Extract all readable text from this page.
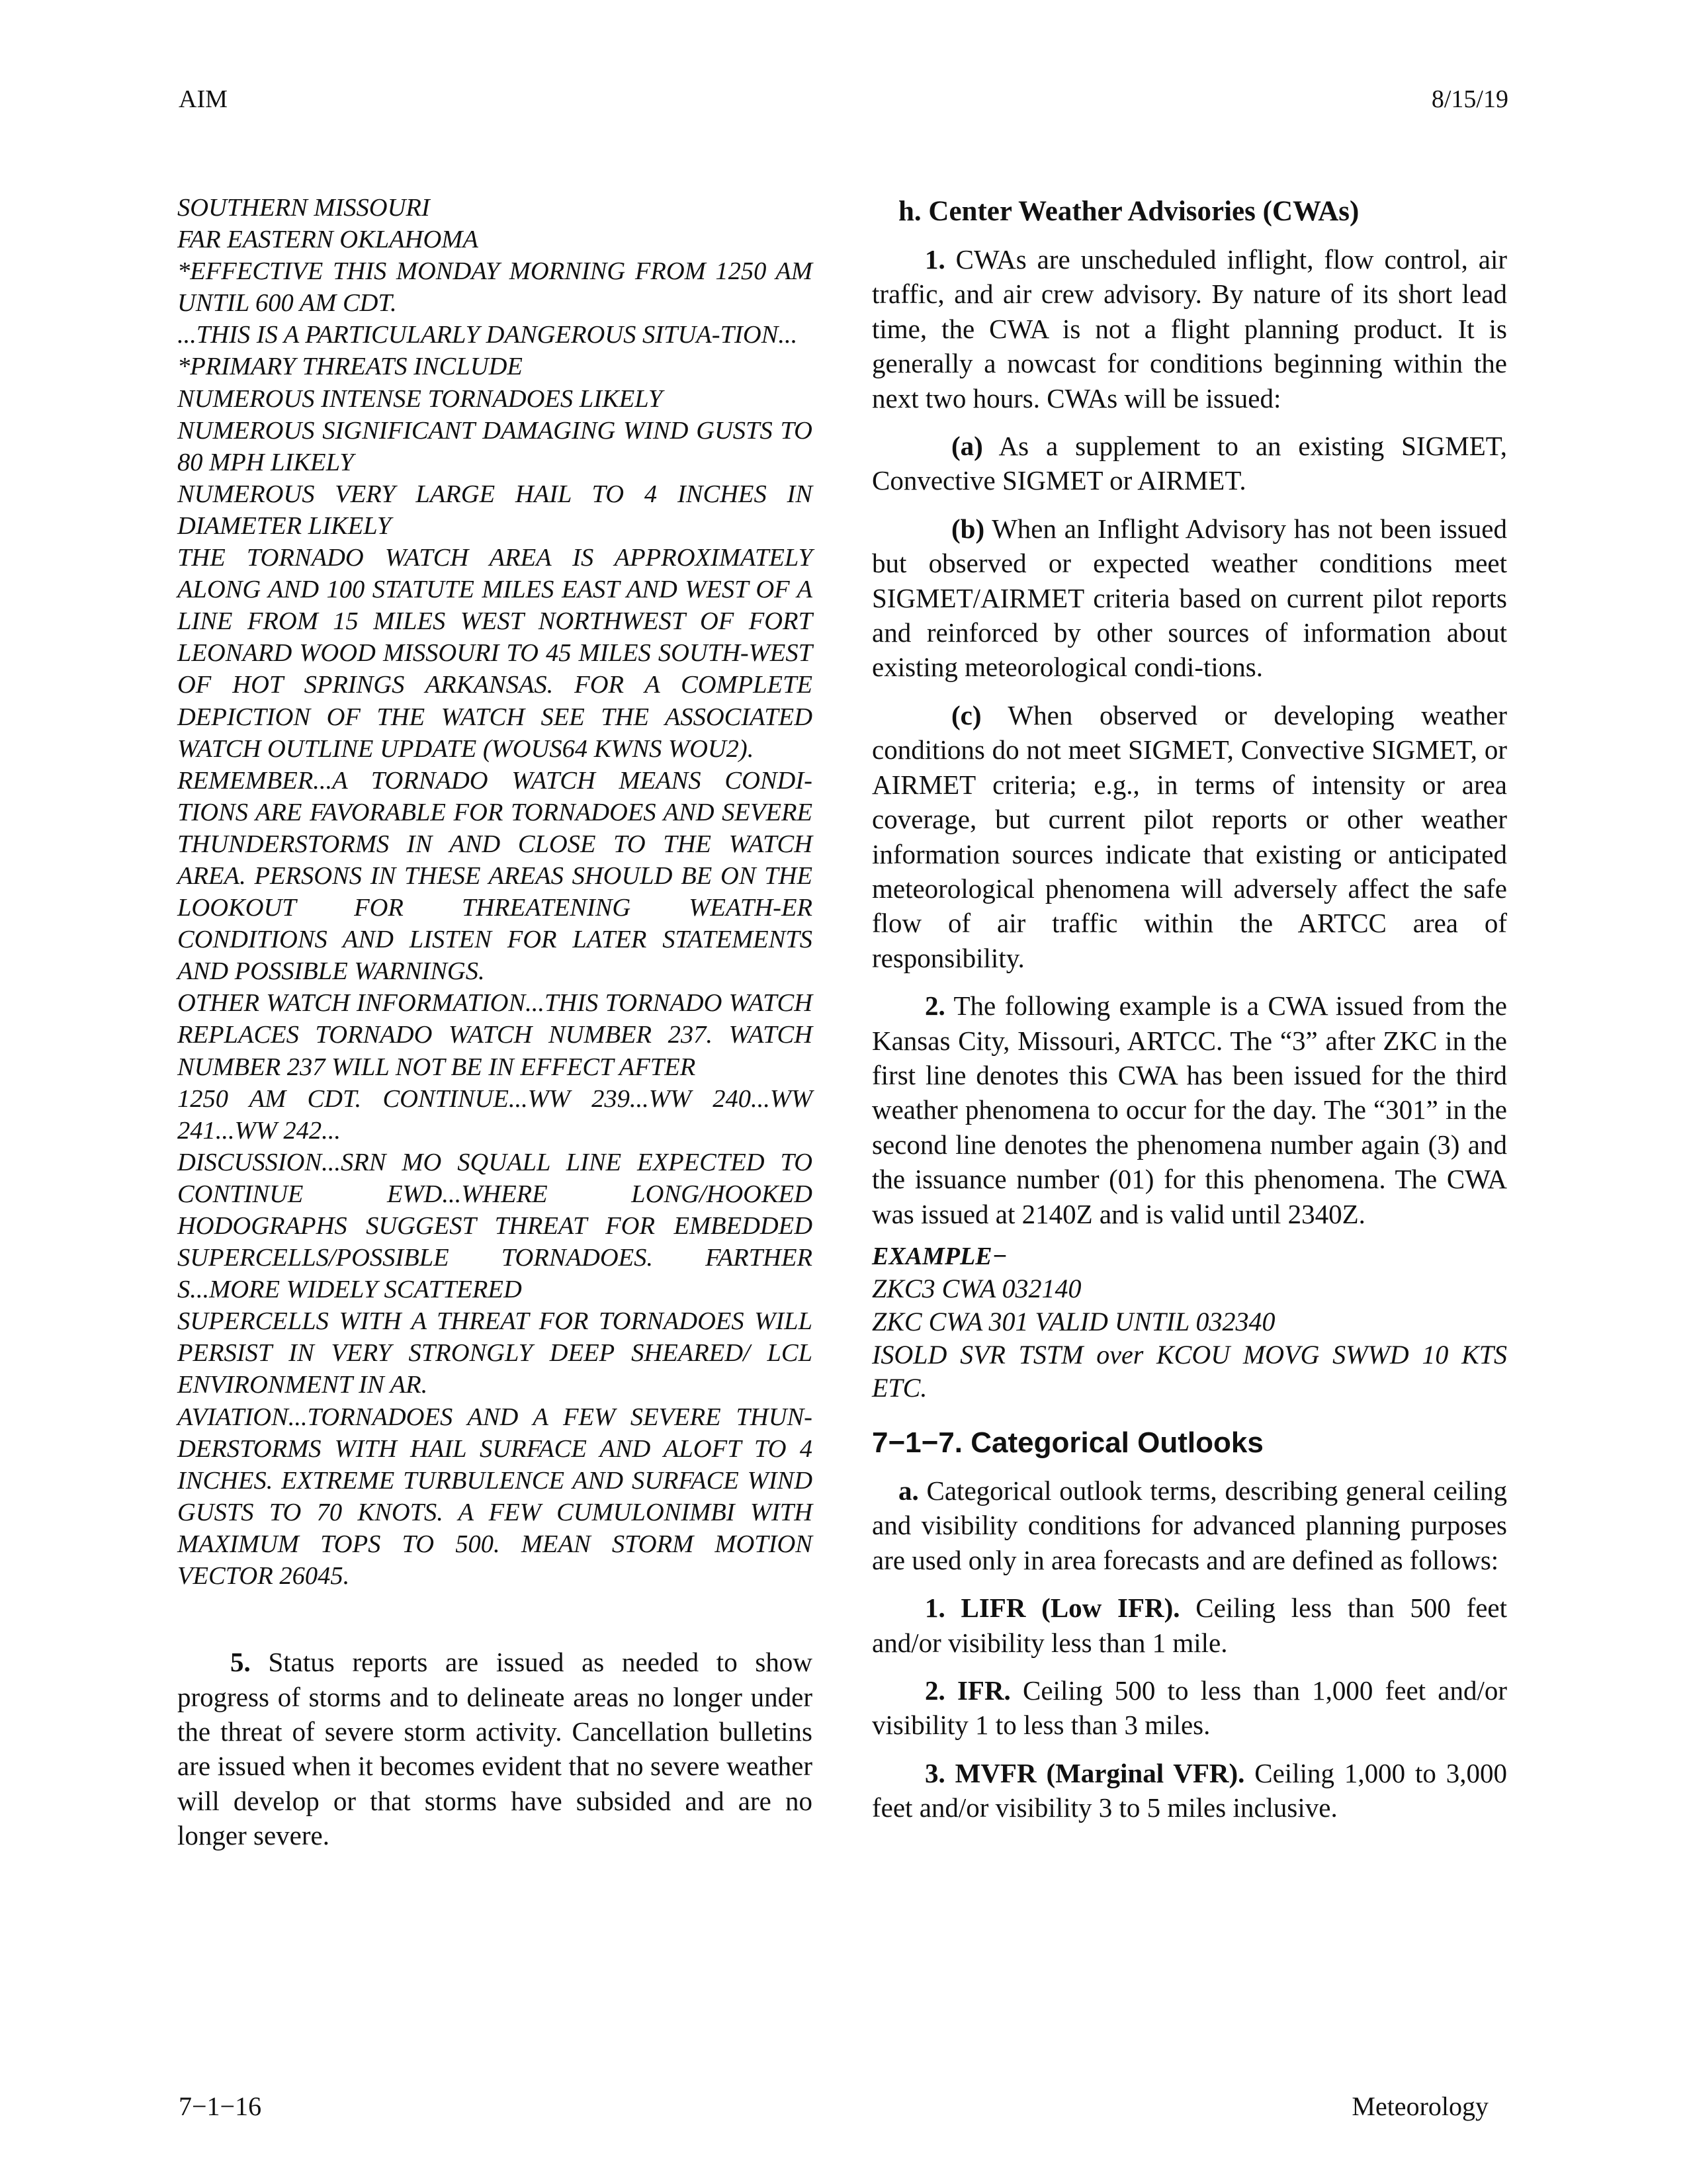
AIM	8/15/19

SOUTHERN MISSOURI

FAR EASTERN OKLAHOMA

*EFFECTIVE THIS MONDAY MORNING FROM 1250 AM UNTIL 600 AM CDT.

...THIS IS A PARTICULARLY DANGEROUS SITUA-TION...

*PRIMARY THREATS INCLUDE

NUMEROUS INTENSE TORNADOES LIKELY

NUMEROUS SIGNIFICANT DAMAGING WIND GUSTS TO 80 MPH LIKELY

NUMEROUS VERY LARGE HAIL TO 4 INCHES IN DIAMETER LIKELY

THE TORNADO WATCH AREA IS APPROXIMATELY ALONG AND 100 STATUTE MILES EAST AND WEST OF A LINE FROM 15 MILES WEST NORTHWEST OF FORT LEONARD WOOD MISSOURI TO 45 MILES SOUTH-WEST OF HOT SPRINGS ARKANSAS. FOR A COMPLETE DEPICTION OF THE WATCH SEE THE ASSOCIATED WATCH OUTLINE UPDATE (WOUS64 KWNS WOU2).

REMEMBER...A TORNADO WATCH MEANS CONDI-TIONS ARE FAVORABLE FOR TORNADOES AND SEVERE THUNDERSTORMS IN AND CLOSE TO THE WATCH AREA. PERSONS IN THESE AREAS SHOULD BE ON THE LOOKOUT FOR THREATENING WEATH-ER CONDITIONS AND LISTEN FOR LATER STATEMENTS AND POSSIBLE WARNINGS.

OTHER WATCH INFORMATION...THIS TORNADO WATCH REPLACES TORNADO WATCH NUMBER 237. WATCH NUMBER 237 WILL NOT BE IN EFFECT AFTER

1250 AM CDT. CONTINUE...WW 239...WW 240...WW 241...WW 242...

DISCUSSION...SRN MO SQUALL LINE EXPECTED TO CONTINUE EWD...WHERE LONG/HOOKED HODOGRAPHS SUGGEST THREAT FOR EMBEDDED SUPERCELLS/POSSIBLE TORNADOES. FARTHER S...MORE WIDELY SCATTERED

SUPERCELLS WITH A THREAT FOR TORNADOES WILL PERSIST IN VERY STRONGLY DEEP SHEARED/ LCL ENVIRONMENT IN AR.

AVIATION...TORNADOES AND A FEW SEVERE THUN-DERSTORMS WITH HAIL SURFACE AND ALOFT TO 4 INCHES. EXTREME TURBULENCE AND SURFACE WIND GUSTS TO 70 KNOTS. A FEW CUMULONIMBI WITH MAXIMUM TOPS TO 500. MEAN STORM MOTION VECTOR 26045.

5. Status reports are issued as needed to show progress of storms and to delineate areas no longer under the threat of severe storm activity. Cancellation bulletins are issued when it becomes evident that no severe weather will develop or that storms have subsided and are no longer severe.

h. Center Weather Advisories (CWAs)

1. CWAs are unscheduled inflight, flow control, air traffic, and air crew advisory. By nature of its short lead time, the CWA is not a flight planning product. It is generally a nowcast for conditions beginning within the next two hours. CWAs will be issued:

(a) As a supplement to an existing SIGMET, Convective SIGMET or AIRMET.

(b) When an Inflight Advisory has not been issued but observed or expected weather conditions meet SIGMET/AIRMET criteria based on current pilot reports and reinforced by other sources of information about existing meteorological condi-tions.

(c) When observed or developing weather conditions do not meet SIGMET, Convective SIGMET, or AIRMET criteria; e.g., in terms of intensity or area coverage, but current pilot reports or other weather information sources indicate that existing or anticipated meteorological phenomena will adversely affect the safe flow of air traffic within the ARTCC area of responsibility.

2. The following example is a CWA issued from the Kansas City, Missouri, ARTCC. The “3” after ZKC in the first line denotes this CWA has been issued for the third weather phenomena to occur for the day. The “301” in the second line denotes the phenomena number again (3) and the issuance number (01) for this phenomena. The CWA was issued at 2140Z and is valid until 2340Z.

EXAMPLE−

ZKC3 CWA 032140

ZKC CWA 301 VALID UNTIL 032340

ISOLD SVR TSTM over KCOU MOVG SWWD 10 KTS ETC.

7−1−7. Categorical Outlooks

a. Categorical outlook terms, describing general ceiling and visibility conditions for advanced planning purposes are used only in area forecasts and are defined as follows:

1. LIFR (Low IFR). Ceiling less than 500 feet and/or visibility less than 1 mile.

2. IFR. Ceiling 500 to less than 1,000 feet and/or visibility 1 to less than 3 miles.

3. MVFR (Marginal VFR). Ceiling 1,000 to 3,000 feet and/or visibility 3 to 5 miles inclusive.

7−1−16	Meteorology
